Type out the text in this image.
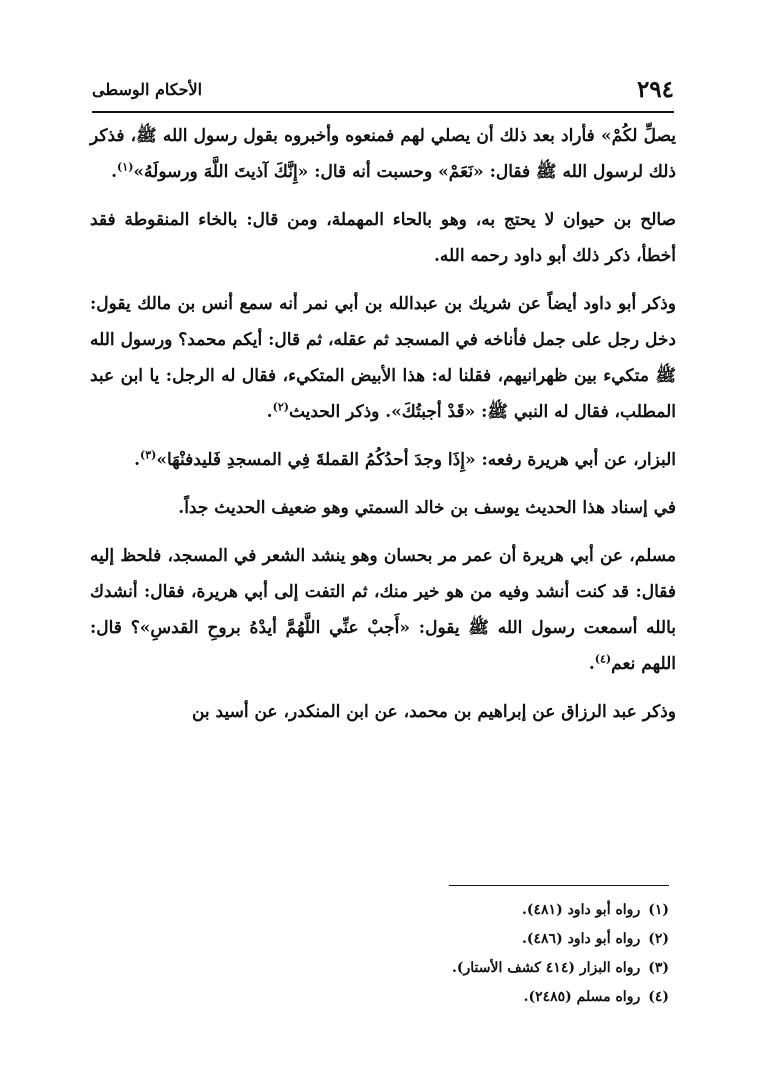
٢٩٤
الأحكام الوسطى

يصلِّ لكُمْ» فأراد بعد ذلك أن يصلي لهم فمنعوه وأخبروه بقول رسول الله ﷺ، فذكر ذلك لرسول الله ﷺ فقال: «نَعَمْ» وحسبت أنه قال: «إِنَّكَ آذيتَ اللَّهَ ورسولَهُ»$^{(١)}$.

صالح بن حيوان لا يحتج به، وهو بالحاء المهملة، ومن قال: بالخاء المنقوطة فقد أخطأ، ذكر ذلك أبو داود رحمه الله.

وذكر أبو داود أيضاً عن شريك بن عبدالله بن أبي نمر أنه سمع أنس بن مالك يقول: دخل رجل على جمل فأناخه في المسجد ثم عقله، ثم قال: أيكم محمد؟ ورسول الله ﷺ متكيء بين ظهرانيهم، فقلنا له: هذا الأبيض المتكيء، فقال له الرجل: يا ابن عبد المطلب، فقال له النبي ﷺ: «قَدْ أجبتُكَ». وذكر الحديث$^{(٢)}$.

البزار، عن أبي هريرة رفعه: «إِذَا وجدَ أحدُكُمُ القملةَ فِي المسجدِ فَليدفنْهَا»$^{(٣)}$.

في إسناد هذا الحديث يوسف بن خالد السمتي وهو ضعيف الحديث جداً.

مسلم، عن أبي هريرة أن عمر مر بحسان وهو ينشد الشعر في المسجد، فلحظ إليه فقال: قد كنت أنشد وفيه من هو خير منك، ثم التفت إلى أبي هريرة، فقال: أنشدك بالله أسمعت رسول الله ﷺ يقول: «أَجبْ عنِّي اللَّهُمَّ أيدْهُ بروحِ القدسِ»؟ قال: اللهم نعم$^{(٤)}$.

وذكر عبد الرزاق عن إبراهيم بن محمد، عن ابن المنكدر، عن أسيد بن

(١)رواه أبو داود (٤٨١).
(٢)رواه أبو داود (٤٨٦).
(٣)رواه البزار (٤١٤ كشف الأستار).
(٤)رواه مسلم (٢٤٨٥).
